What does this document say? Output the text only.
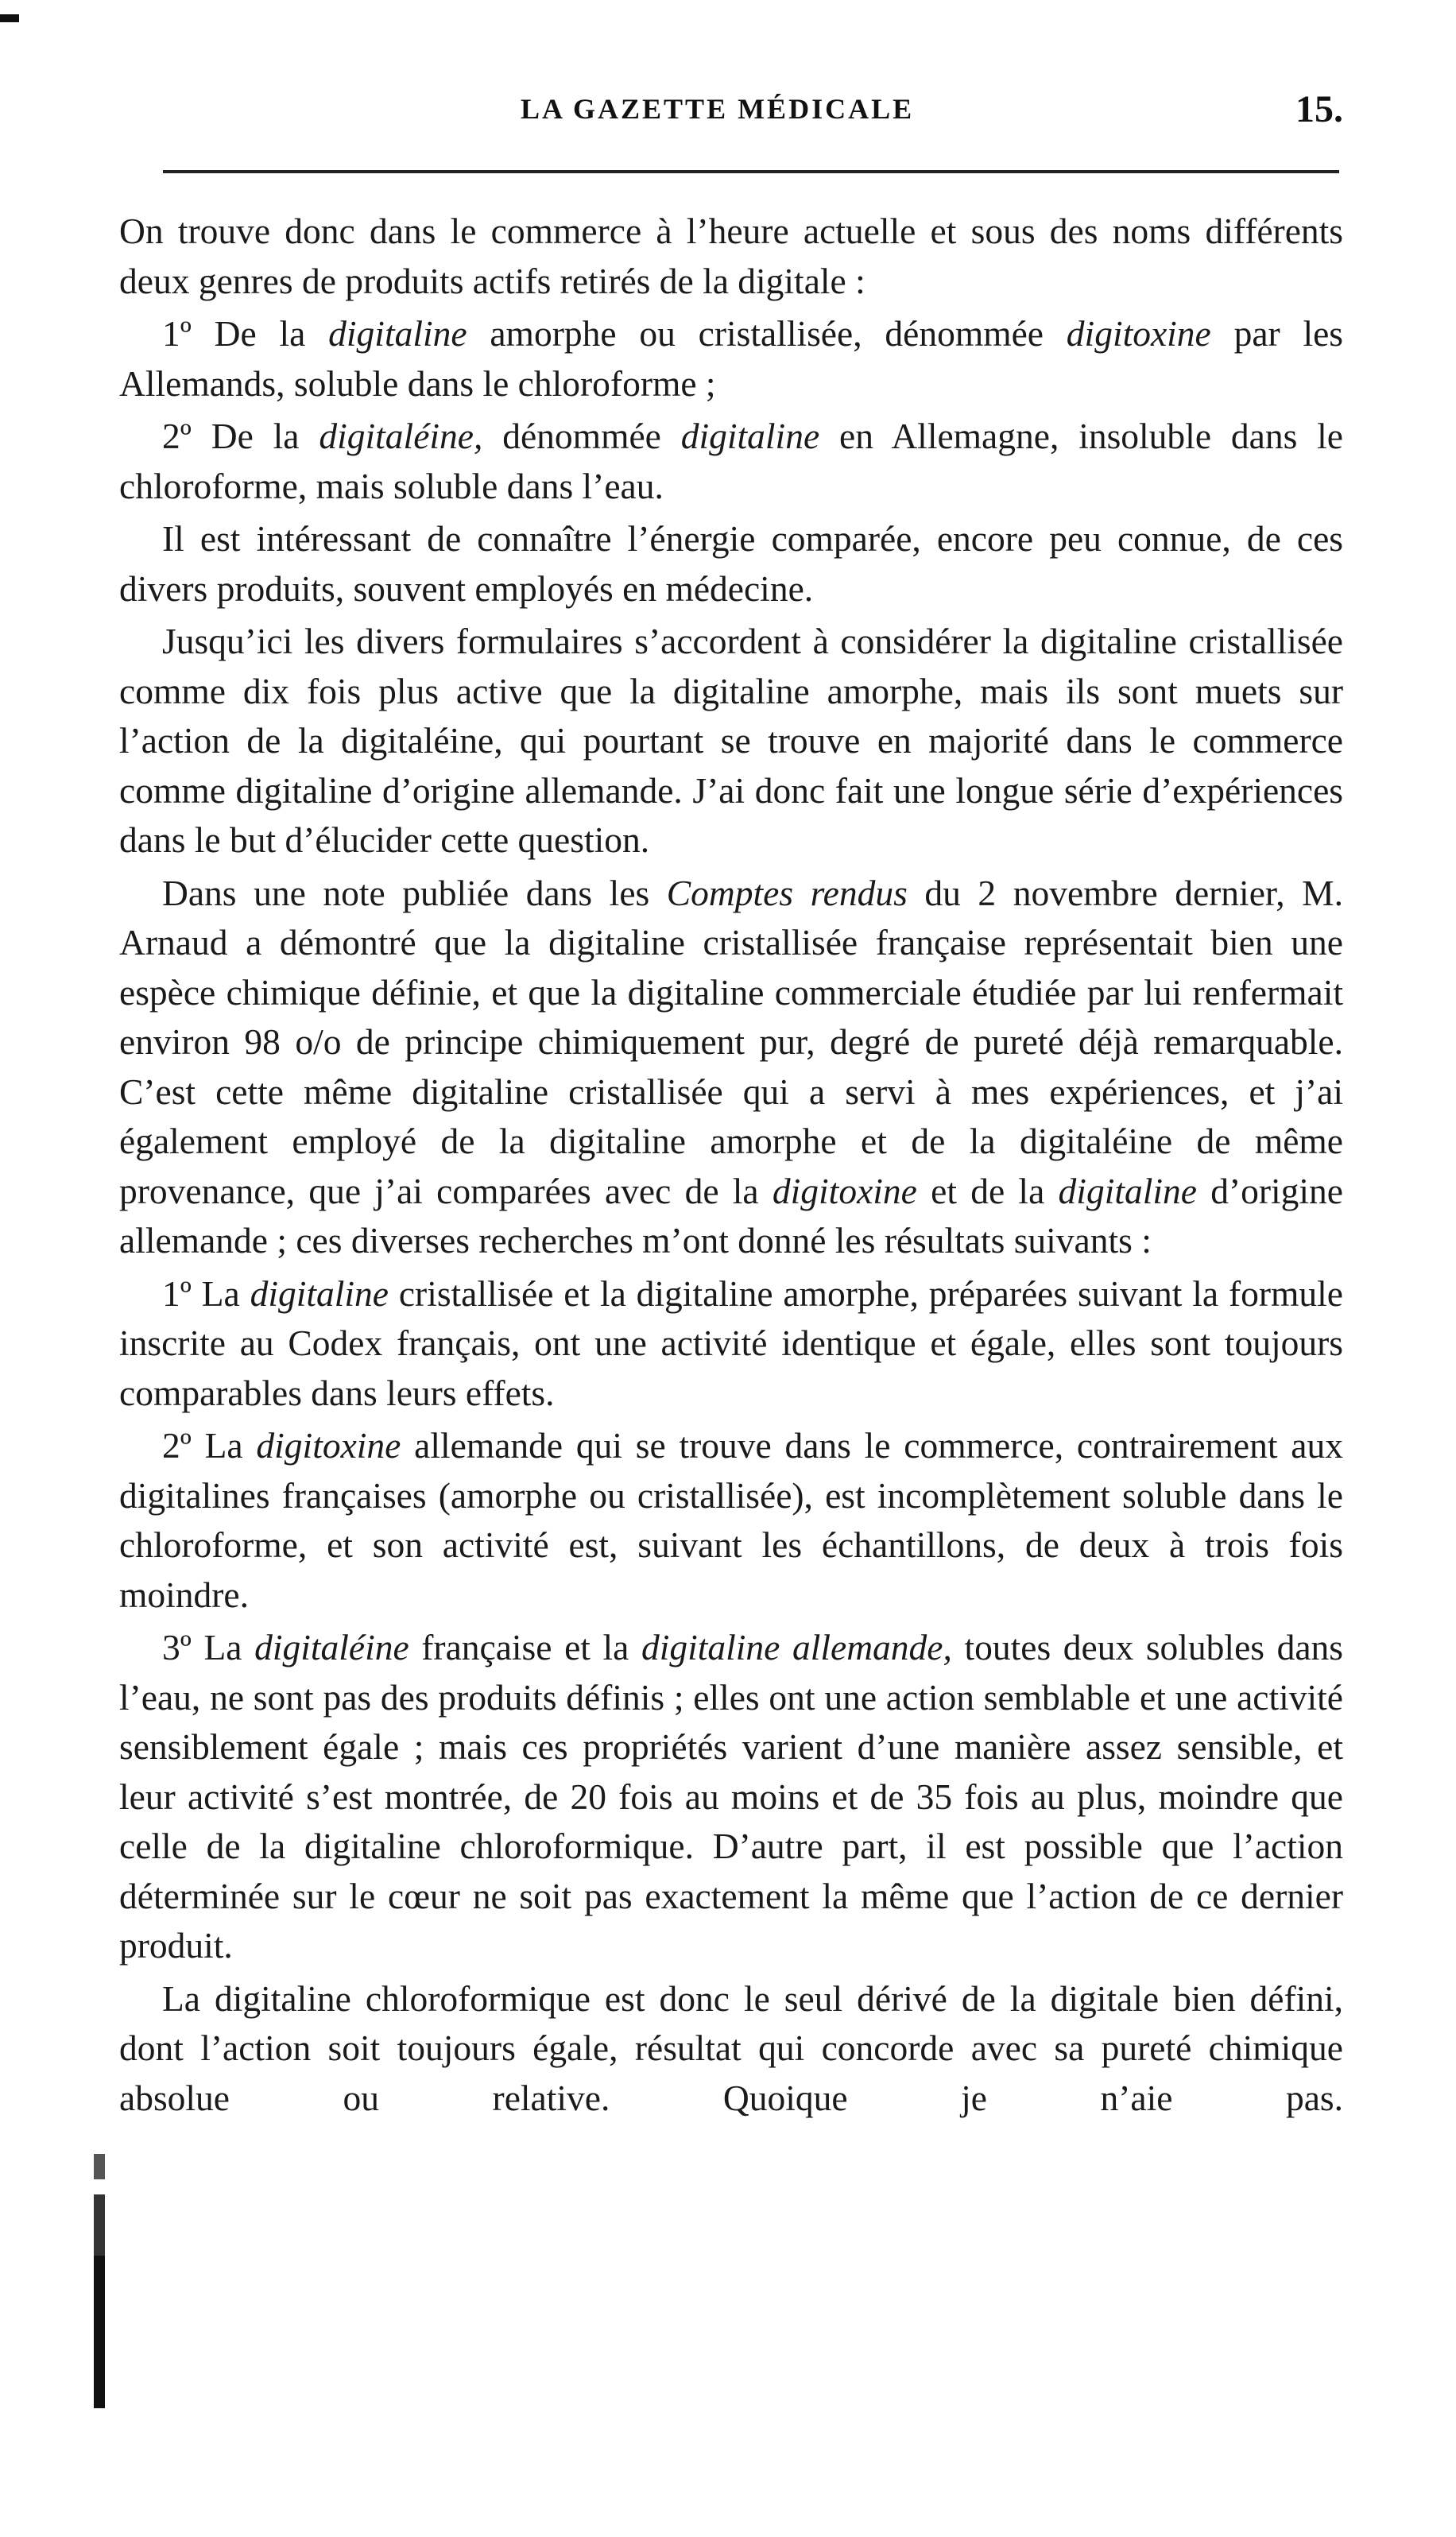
LA GAZETTE MÉDICALE	15.

On trouve donc dans le commerce à l’heure actuelle et sous des noms différents deux genres de produits actifs retirés de la digitale :

1º De la digitaline amorphe ou cristallisée, dénommée digitoxine par les Allemands, soluble dans le chloroforme ;

2º De la digitaléine, dénommée digitaline en Allemagne, insoluble dans le chloroforme, mais soluble dans l’eau.

Il est intéressant de connaître l’énergie comparée, encore peu connue, de ces divers produits, souvent employés en médecine.

Jusqu’ici les divers formulaires s’accordent à considérer la digitaline cristallisée comme dix fois plus active que la digitaline amorphe, mais ils sont muets sur l’action de la digitaléine, qui pourtant se trouve en majorité dans le commerce comme digitaline d’origine allemande. J’ai donc fait une longue série d’expériences dans le but d’élucider cette question.

Dans une note publiée dans les Comptes rendus du 2 novembre dernier, M. Arnaud a démontré que la digitaline cristallisée française représentait bien une espèce chimique définie, et que la digitaline commerciale étudiée par lui renfermait environ 98 o/o de principe chimiquement pur, degré de pureté déjà remarquable. C’est cette même digitaline cristallisée qui a servi à mes expériences, et j’ai également employé de la digitaline amorphe et de la digitaléine de même provenance, que j’ai comparées avec de la digitoxine et de la digitaline d’origine allemande ; ces diverses recherches m’ont donné les résultats suivants :

1º La digitaline cristallisée et la digitaline amorphe, préparées suivant la formule inscrite au Codex français, ont une activité identique et égale, elles sont toujours comparables dans leurs effets.

2º La digitoxine allemande qui se trouve dans le commerce, contrairement aux digitalines françaises (amorphe ou cristallisée), est incomplètement soluble dans le chloroforme, et son activité est, suivant les échantillons, de deux à trois fois moindre.

3º La digitaléine française et la digitaline allemande, toutes deux solubles dans l’eau, ne sont pas des produits définis ; elles ont une action semblable et une activité sensiblement égale ; mais ces propriétés varient d’une manière assez sensible, et leur activité s’est montrée, de 20 fois au moins et de 35 fois au plus, moindre que celle de la digitaline chloroformique. D’autre part, il est possible que l’action déterminée sur le cœur ne soit pas exactement la même que l’action de ce dernier produit.

La digitaline chloroformique est donc le seul dérivé de la digitale bien défini, dont l’action soit toujours égale, résultat qui concorde avec sa pureté chimique absolue ou relative. Quoique je n’aie pas.
